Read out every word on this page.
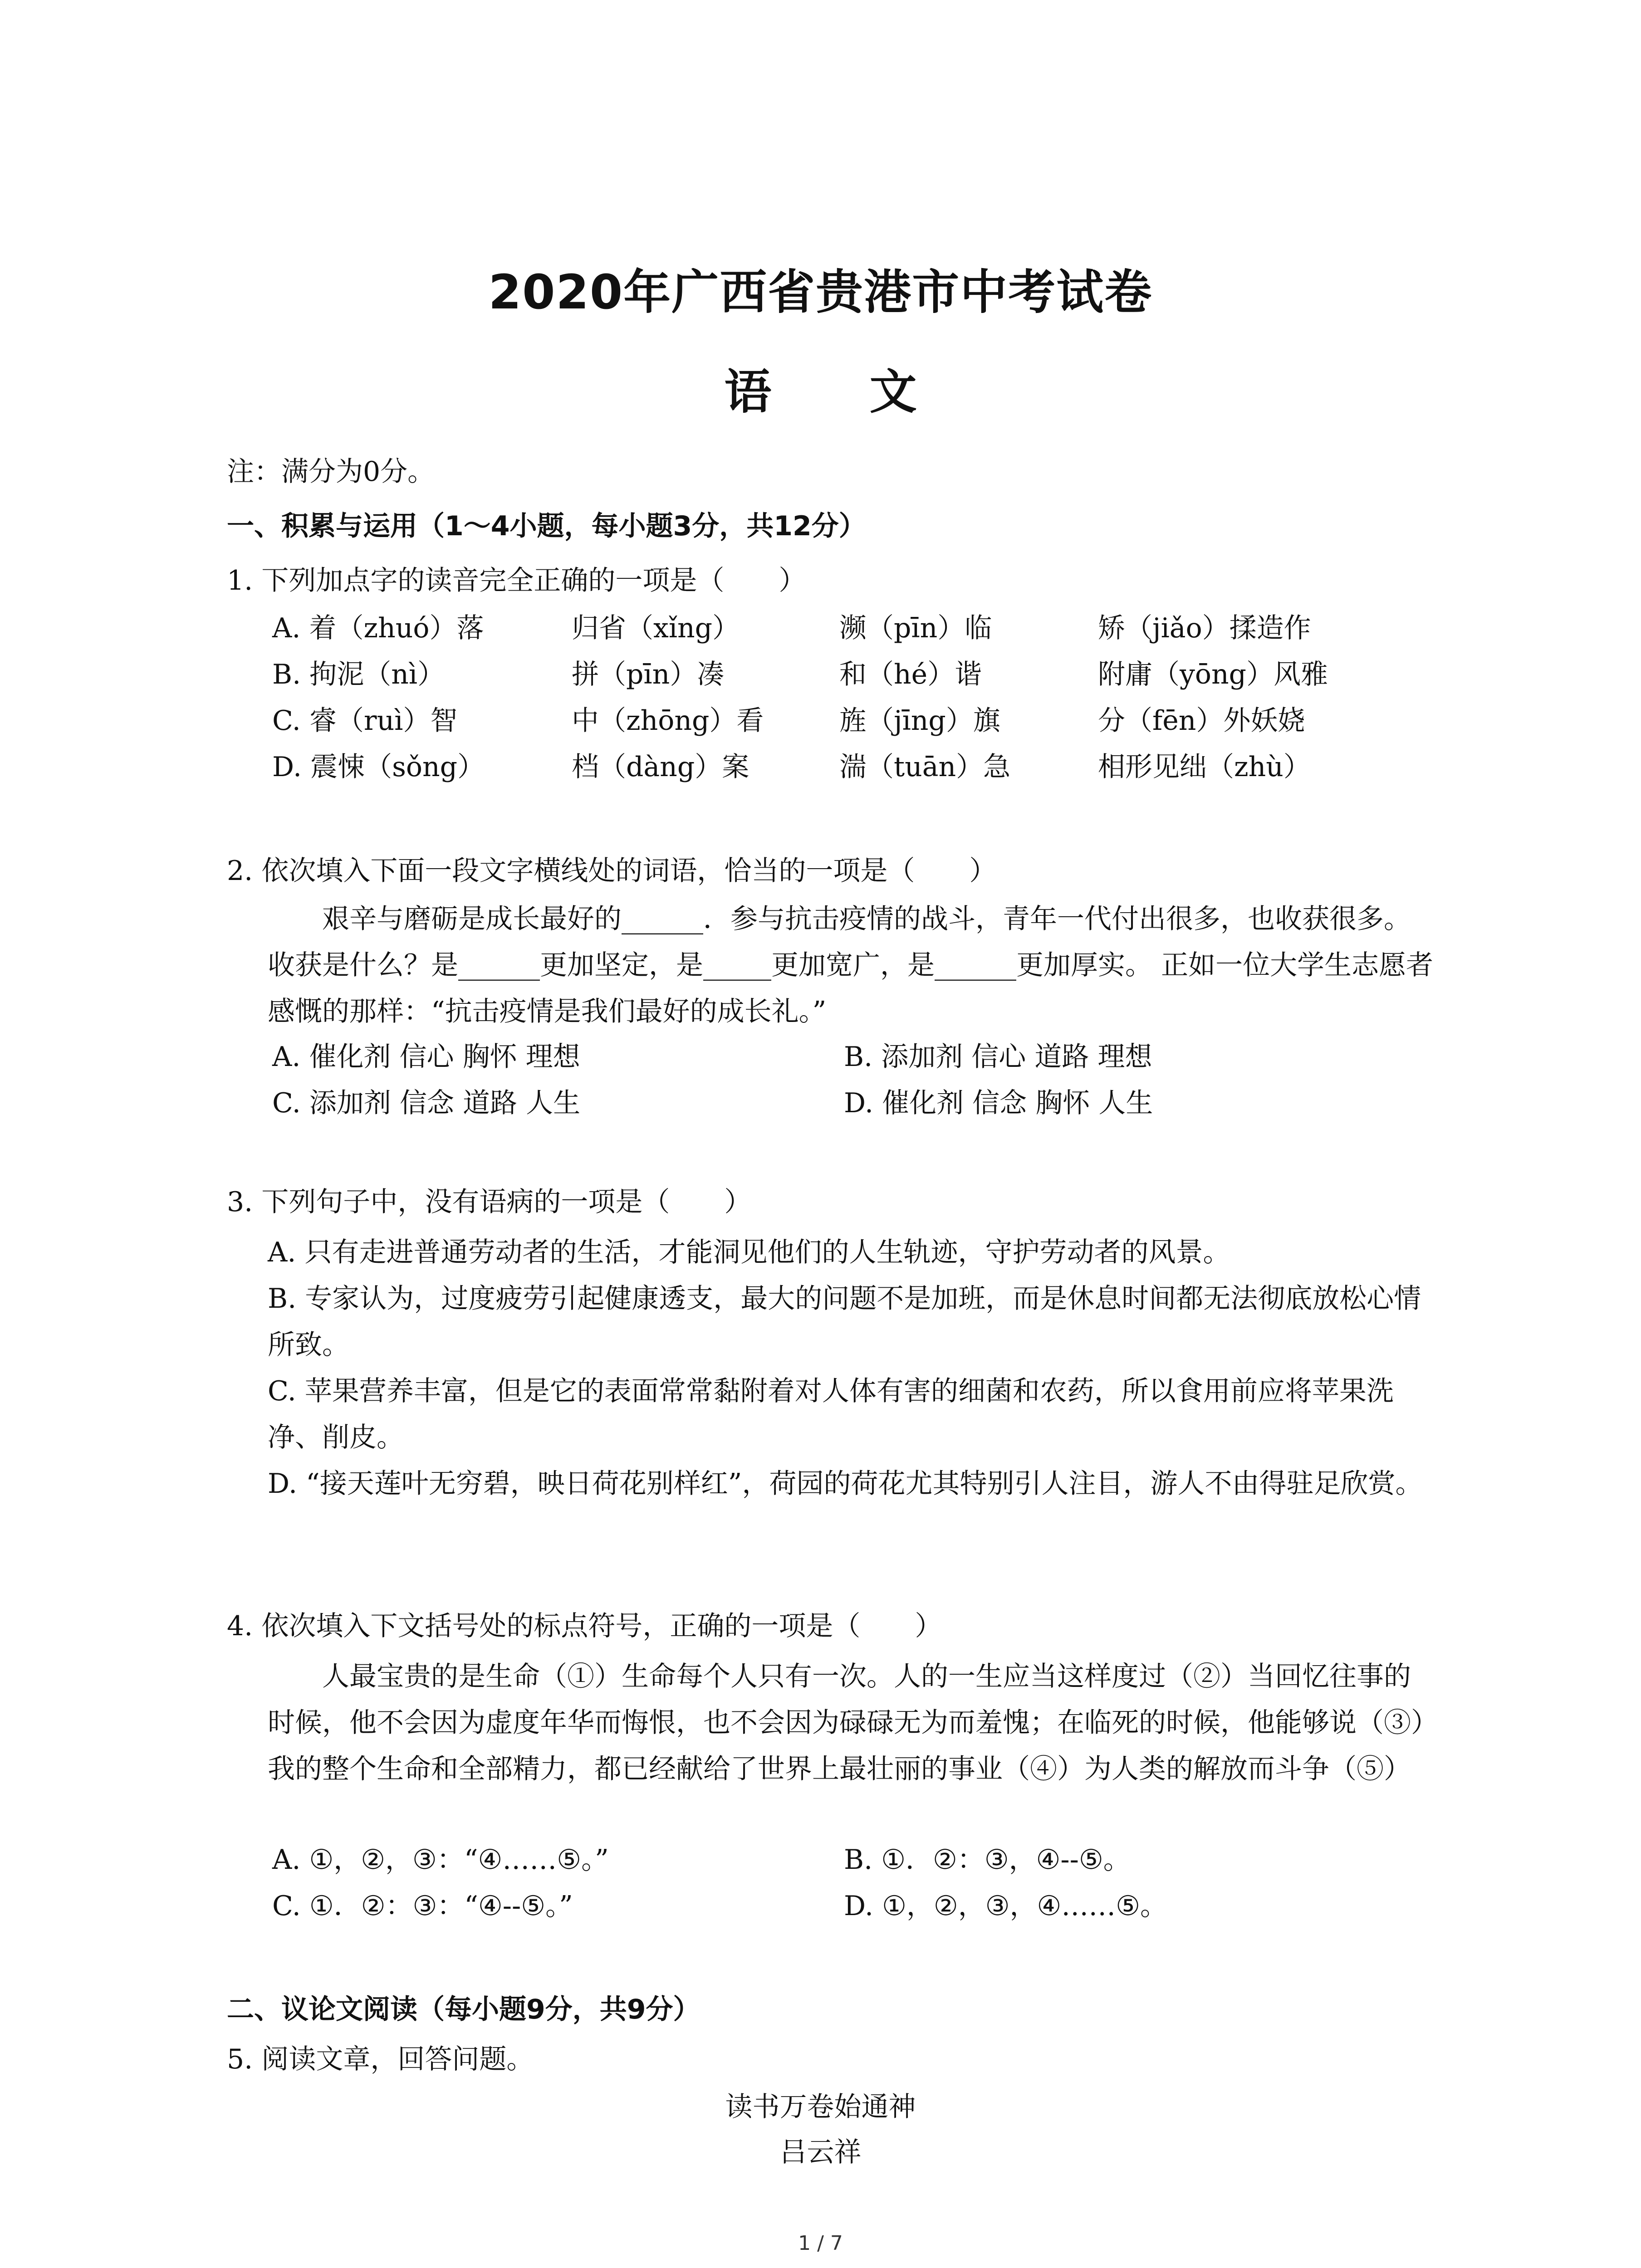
2020年广西省贵港市中考试卷
语 文
注：满分为0分。
一、积累与运用（1～4小题，每小题3分，共12分）
1. 下列加点字的读音完全正确的一项是（　　）
A. 着（zhuó）落	归省（xǐng）	濒（pīn）临	矫（jiǎo）揉造作
B. 拘泥（nì）	拼（pīn）凑	和（hé）谐	附庸（yōng）风雅
C. 睿（ruì）智	中（zhōng）看	旌（jīng）旗	分（fēn）外妖娆
D. 震悚（sǒng）	档（dàng）案	湍（tuān）急	相形见绌（zhù）
2. 依次填入下面一段文字横线处的词语，恰当的一项是（　　）
艰辛与磨砺是成长最好的______．参与抗击疫情的战斗，青年一代付出很多，也收获很多。收获是什么？是______更加坚定，是_____更加宽广，是______更加厚实。 正如一位大学生志愿者感慨的那样：“抗击疫情是我们最好的成长礼。”
A. 催化剂 信心 胸怀 理想	B. 添加剂 信心 道路 理想
C. 添加剂 信念 道路 人生	D. 催化剂 信念 胸怀 人生
3. 下列句子中，没有语病的一项是（　　）
A. 只有走进普通劳动者的生活，才能洞见他们的人生轨迹，守护劳动者的风景。
B. 专家认为，过度疲劳引起健康透支，最大的问题不是加班，而是休息时间都无法彻底放松心情所致。
C. 苹果营养丰富，但是它的表面常常黏附着对人体有害的细菌和农药，所以食用前应将苹果洗净、削皮。
D. “接天莲叶无穷碧，映日荷花别样红”，荷园的荷花尤其特别引人注目，游人不由得驻足欣赏。
4. 依次填入下文括号处的标点符号，正确的一项是（　　）
人最宝贵的是生命（①）生命每个人只有一次。人的一生应当这样度过（②）当回忆往事的时候，他不会因为虚度年华而悔恨，也不会因为碌碌无为而羞愧；在临死的时候，他能够说（③）我的整个生命和全部精力，都已经献给了世界上最壮丽的事业（④）为人类的解放而斗争（⑤）
A. ①，②，③：“④……⑤。”	B. ①．②：③，④--⑤。
C. ①．②：③：“④--⑤。”	D. ①，②，③，④……⑤。
二、议论文阅读（每小题9分，共9分）
5. 阅读文章，回答问题。
读书万卷始通神
吕云祥
1 / 7
